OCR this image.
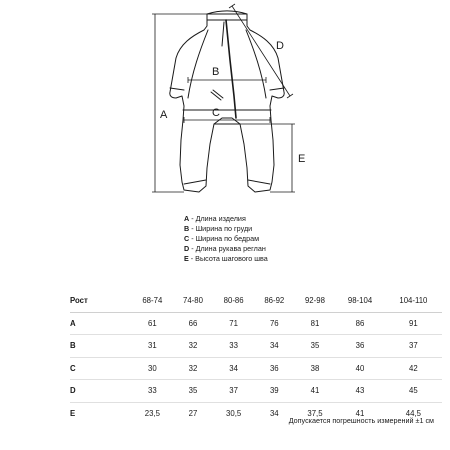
A
B
C
D
E
A - Длина изделия
B - Ширина по груди
C - Ширина по бедрам
D - Длина рукава реглан
E - Высота шагового шва
Рост	68-74	74-80	80-86	86-92	92-98	98-104	104-110
A	61	66	71	76	81	86	91
B	31	32	33	34	35	36	37
C	30	32	34	36	38	40	42
D	33	35	37	39	41	43	45
E	23,5	27	30,5	34	37,5	41	44,5
Допускается погрешность измерений ±1 см
